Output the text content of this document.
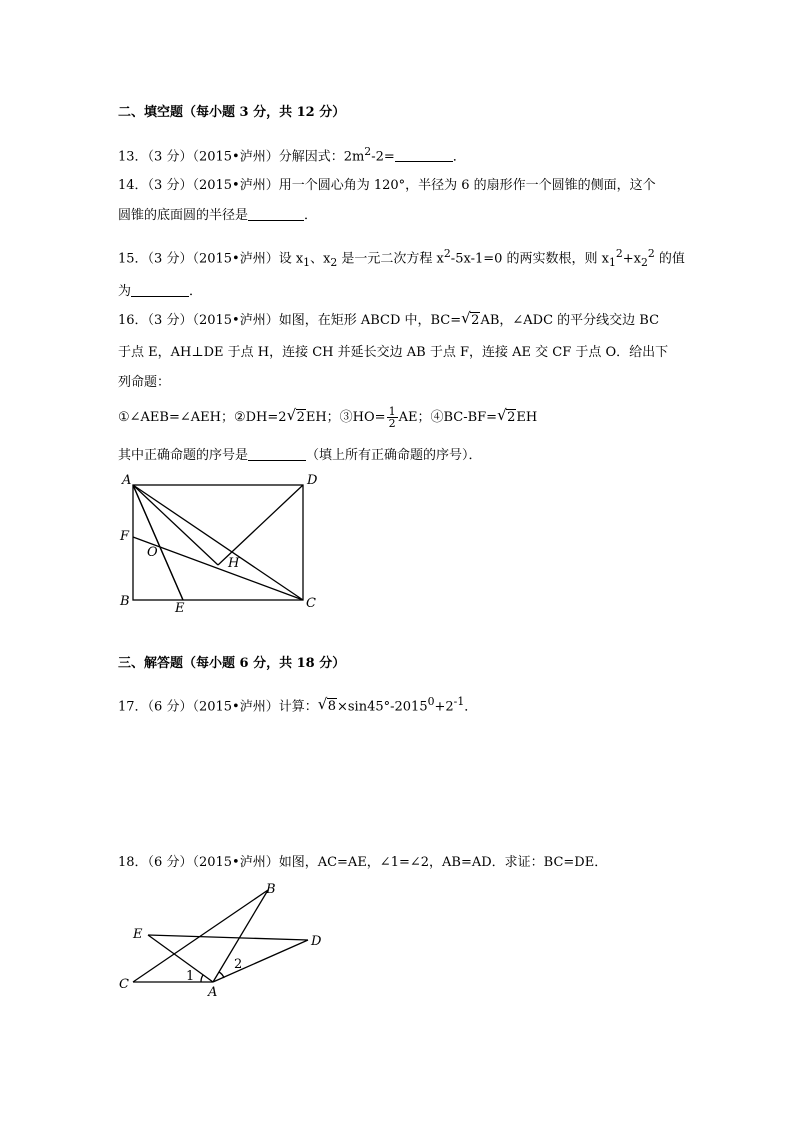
二、填空题（每小题 3 分，共 12 分）
13．（3 分）（2015•泸州）分解因式：$2m^2-2=$	．
14．（3 分）（2015•泸州）用一个圆心角为 120°，半径为 6 的扇形作一个圆锥的侧面，这个
圆锥的底面圆的半径是	．
15．（3 分）（2015•泸州）设 $x_1$、$x_2$ 是一元二次方程 $x^2-5x-1=0$ 的两实数根，则 $x_1^2+x_2^2$ 的值
为	．
16．（3 分）（2015•泸州）如图，在矩形 ABCD 中，BC= √ 2AB，∠ADC 的平分线交边 BC
于点 E，AH⊥DE 于点 H，连接 CH 并延长交边 AB 于点 F，连接 AE 交 CF 于点 O．给出下
列命题：
①∠AEB=∠AEH；②DH=2 √ 2EH；③HO= $\frac{1}{2}$ AE；④BC-BF= √ 2EH
其中正确命题的序号是	（填上所有正确命题的序号）．
A	D
F
O
H
B	E	C
三、解答题（每小题 6 分，共 18 分）
17．（6 分）（2015•泸州）计算： √ $8\times\sin 45^\circ-2015^0+2^{-1}$．
18．（6 分）（2015•泸州）如图，AC=AE，∠1=∠2，AB=AD．求证：BC=DE．
B
E	D
C
A
1
2
